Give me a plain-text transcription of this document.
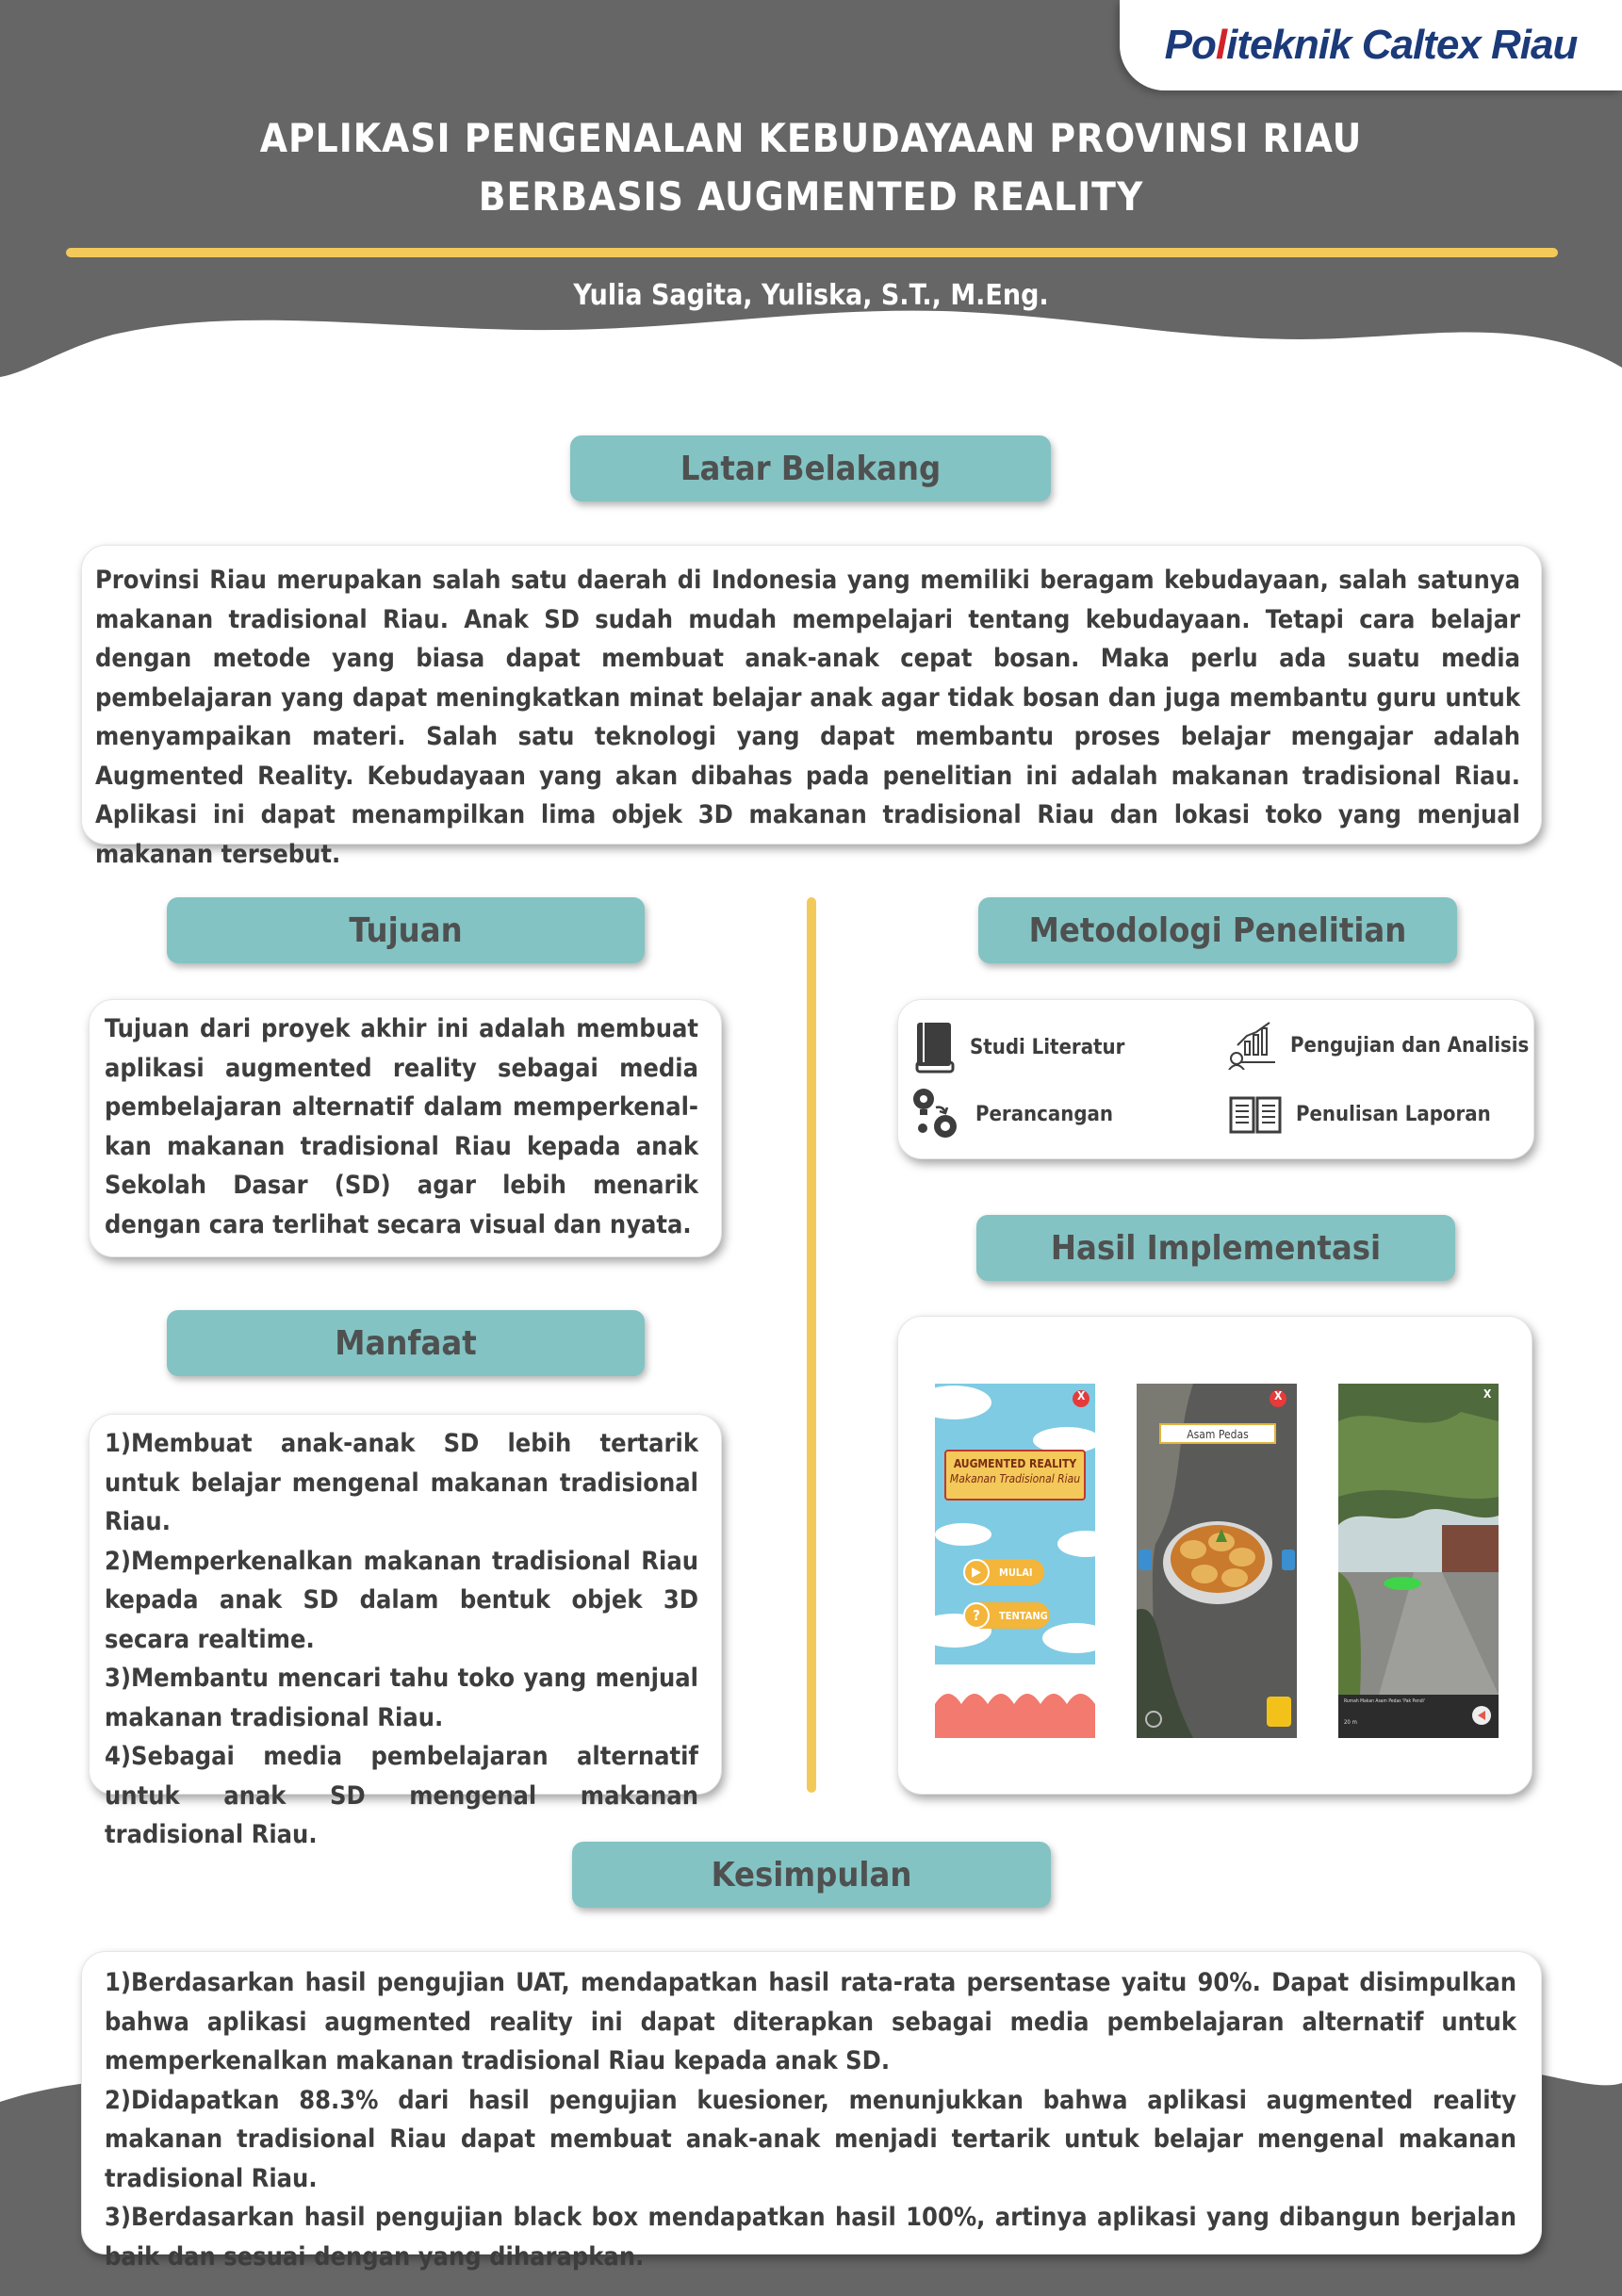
Politeknik Caltex Riau
APLIKASI PENGENALAN KEBUDAYAAN PROVINSI RIAU
BERBASIS AUGMENTED REALITY
Yulia Sagita, Yuliska, S.T., M.Eng.
Latar Belakang

Provinsi Riau merupakan salah satu daerah di Indonesia yang memiliki beragam kebudayaan, salah satunya makanan tradisional Riau. Anak SD sudah mudah mempelajari tentang kebudayaan. Tetapi cara belajar dengan metode yang biasa dapat membuat anak-anak cepat bosan. Maka perlu ada suatu media pembelajaran yang dapat meningkatkan minat belajar anak agar tidak bosan dan juga membantu guru untuk menyampaikan materi. Salah satu teknologi yang dapat membantu proses belajar mengajar adalah Augmented Reality. Kebudayaan yang akan dibahas pada penelitian ini adalah makanan tradisional Riau. Aplikasi ini dapat menampilkan lima objek 3D makanan tradisional Riau dan lokasi toko yang menjual makanan tersebut.

Tujuan

Tujuan dari proyek akhir ini adalah membuat aplikasi augmented reality sebagai media pembelajaran alternatif dalam memperkenal-kan makanan tradisional Riau kepada anak Sekolah Dasar (SD) agar lebih menarik dengan cara terlihat secara visual dan nyata.

Manfaat

1)Membuat anak-anak SD lebih tertarik untuk belajar mengenal makanan tradisional Riau.

2)Memperkenalkan makanan tradisional Riau kepada anak SD dalam bentuk objek 3D secara realtime.

3)Membantu mencari tahu toko yang menjual makanan tradisional Riau.

4)Sebagai media pembelajaran alternatif untuk anak SD mengenal makanan tradisional Riau.

Metodologi Penelitian
Studi Literatur	Pengujian dan Analisis
Perancangan	Penulisan Laporan
Hasil Implementasi
X
AUGMENTED REALITY
Makanan Tradisional Riau
MULAI
▶
TENTANG
?
X
Asam Pedas
X
Rumah Makan Asam Pedas 'Pak Pendi'
20 m
Kesimpulan

1)Berdasarkan hasil pengujian UAT, mendapatkan hasil rata-rata persentase yaitu 90%. Dapat disimpulkan bahwa aplikasi augmented reality ini dapat diterapkan sebagai media pembelajaran alternatif untuk memperkenalkan makanan tradisional Riau kepada anak SD.

2)Didapatkan 88.3% dari hasil pengujian kuesioner, menunjukkan bahwa aplikasi augmented reality makanan tradisional Riau dapat membuat anak-anak menjadi tertarik untuk belajar mengenal makanan tradisional Riau.

3)Berdasarkan hasil pengujian black box mendapatkan hasil 100%, artinya aplikasi yang dibangun berjalan baik dan sesuai dengan yang diharapkan.
